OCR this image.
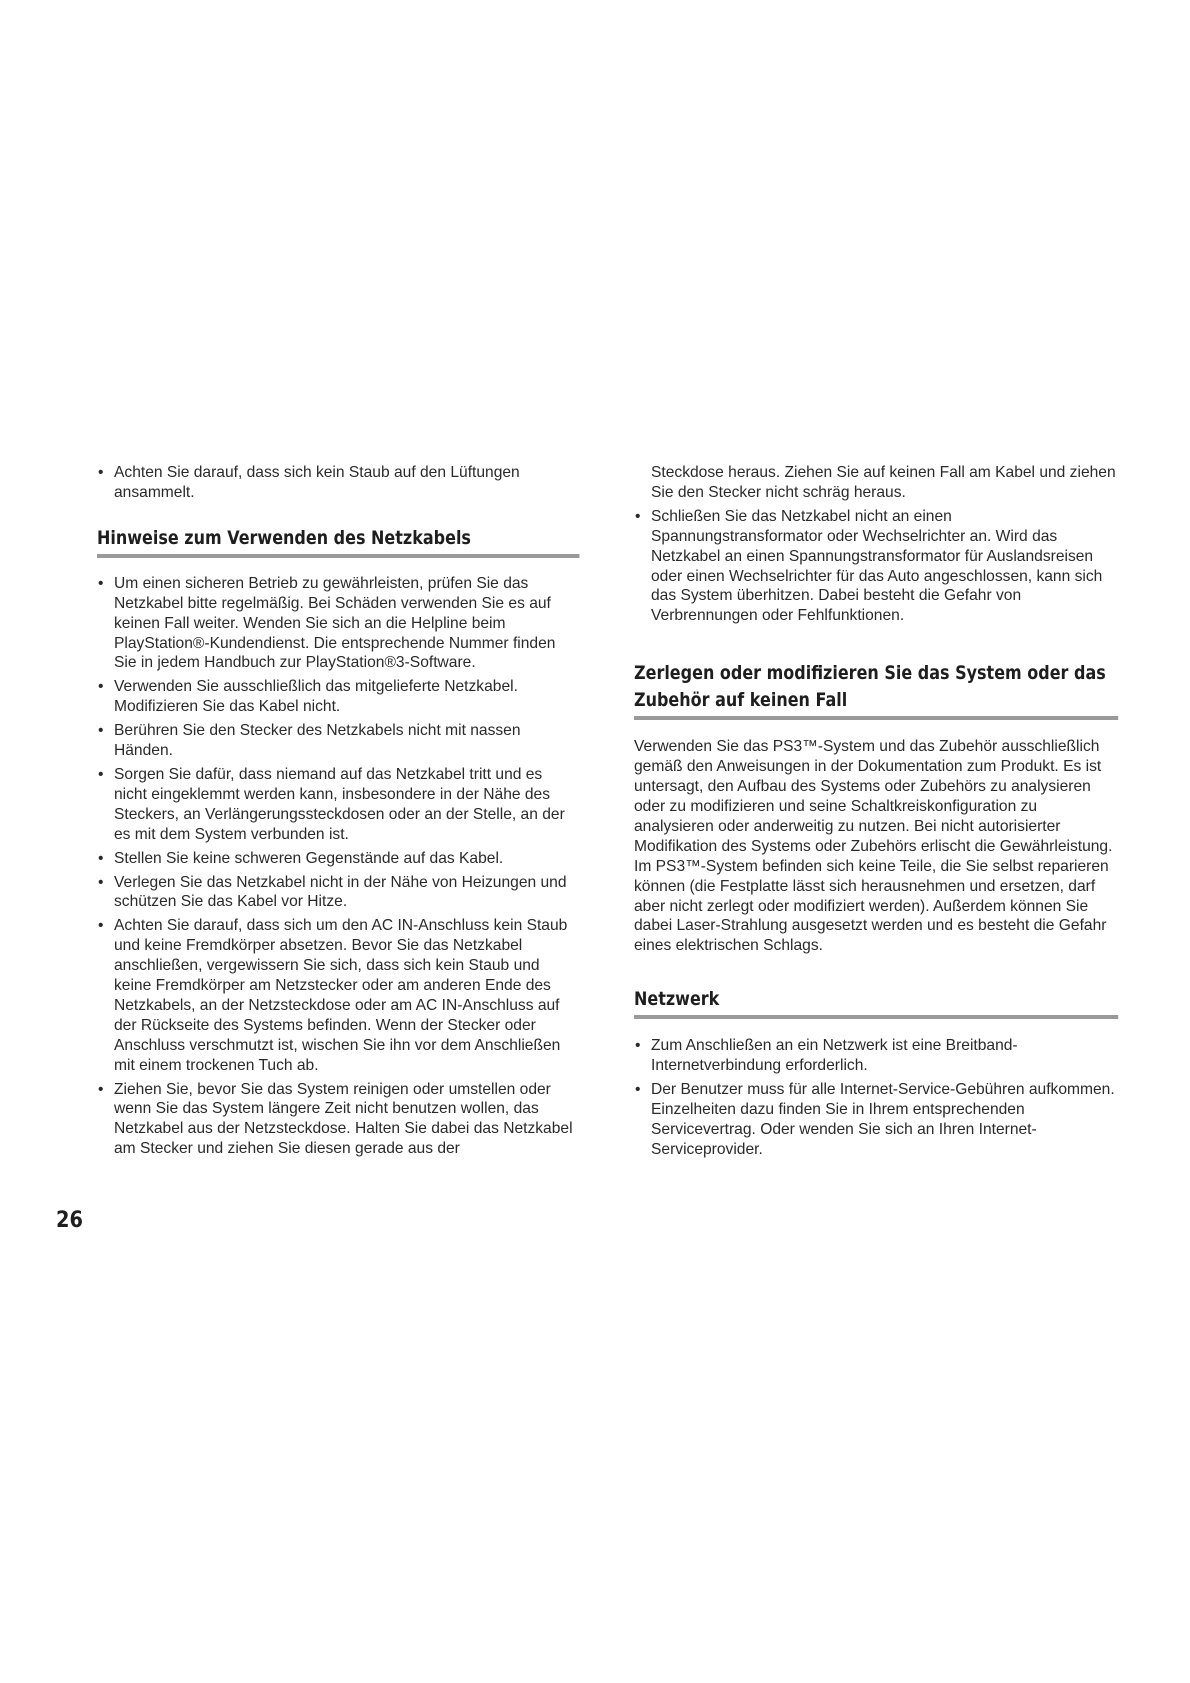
• Achten Sie darauf, dass sich kein Staub auf den Lüftungen ansammelt.
Hinweise zum Verwenden des Netzkabels
• Um einen sicheren Betrieb zu gewährleisten, prüfen Sie das Netzkabel bitte regelmäßig. Bei Schäden verwenden Sie es auf keinen Fall weiter. Wenden Sie sich an die Helpline beim PlayStation®-Kundendienst. Die entsprechende Nummer finden Sie in jedem Handbuch zur PlayStation®3-Software.
• Verwenden Sie ausschließlich das mitgelieferte Netzkabel. Modifizieren Sie das Kabel nicht.
• Berühren Sie den Stecker des Netzkabels nicht mit nassen Händen.
• Sorgen Sie dafür, dass niemand auf das Netzkabel tritt und es nicht eingeklemmt werden kann, insbesondere in der Nähe des Steckers, an Verlängerungssteckdosen oder an der Stelle, an der es mit dem System verbunden ist.
• Stellen Sie keine schweren Gegenstände auf das Kabel.
• Verlegen Sie das Netzkabel nicht in der Nähe von Heizungen und schützen Sie das Kabel vor Hitze.
• Achten Sie darauf, dass sich um den AC IN-Anschluss kein Staub und keine Fremdkörper absetzen. Bevor Sie das Netzkabel anschließen, vergewissern Sie sich, dass sich kein Staub und keine Fremdkörper am Netzstecker oder am anderen Ende des Netzkabels, an der Netzsteckdose oder am AC IN-Anschluss auf der Rückseite des Systems befinden. Wenn der Stecker oder Anschluss verschmutzt ist, wischen Sie ihn vor dem Anschließen mit einem trockenen Tuch ab.
• Ziehen Sie, bevor Sie das System reinigen oder umstellen oder wenn Sie das System längere Zeit nicht benutzen wollen, das Netzkabel aus der Netzsteckdose. Halten Sie dabei das Netzkabel am Stecker und ziehen Sie diesen gerade aus der
Steckdose heraus. Ziehen Sie auf keinen Fall am Kabel und ziehen Sie den Stecker nicht schräg heraus.
• Schließen Sie das Netzkabel nicht an einen Spannungstransformator oder Wechselrichter an. Wird das Netzkabel an einen Spannungstransformator für Auslandsreisen oder einen Wechselrichter für das Auto angeschlossen, kann sich das System überhitzen. Dabei besteht die Gefahr von Verbrennungen oder Fehlfunktionen.
Zerlegen oder modifizieren Sie das System oder das Zubehör auf keinen Fall
Verwenden Sie das PS3™-System und das Zubehör ausschließlich gemäß den Anweisungen in der Dokumentation zum Produkt. Es ist untersagt, den Aufbau des Systems oder Zubehörs zu analysieren oder zu modifizieren und seine Schaltkreiskonfiguration zu analysieren oder anderweitig zu nutzen. Bei nicht autorisierter Modifikation des Systems oder Zubehörs erlischt die Gewährleistung. Im PS3™-System befinden sich keine Teile, die Sie selbst reparieren können (die Festplatte lässt sich herausnehmen und ersetzen, darf aber nicht zerlegt oder modifiziert werden). Außerdem können Sie dabei Laser-Strahlung ausgesetzt werden und es besteht die Gefahr eines elektrischen Schlags.
Netzwerk
• Zum Anschließen an ein Netzwerk ist eine Breitband-Internetverbindung erforderlich.
• Der Benutzer muss für alle Internet-Service-Gebühren aufkommen. Einzelheiten dazu finden Sie in Ihrem entsprechenden Servicevertrag. Oder wenden Sie sich an Ihren Internet-Serviceprovider.
26
